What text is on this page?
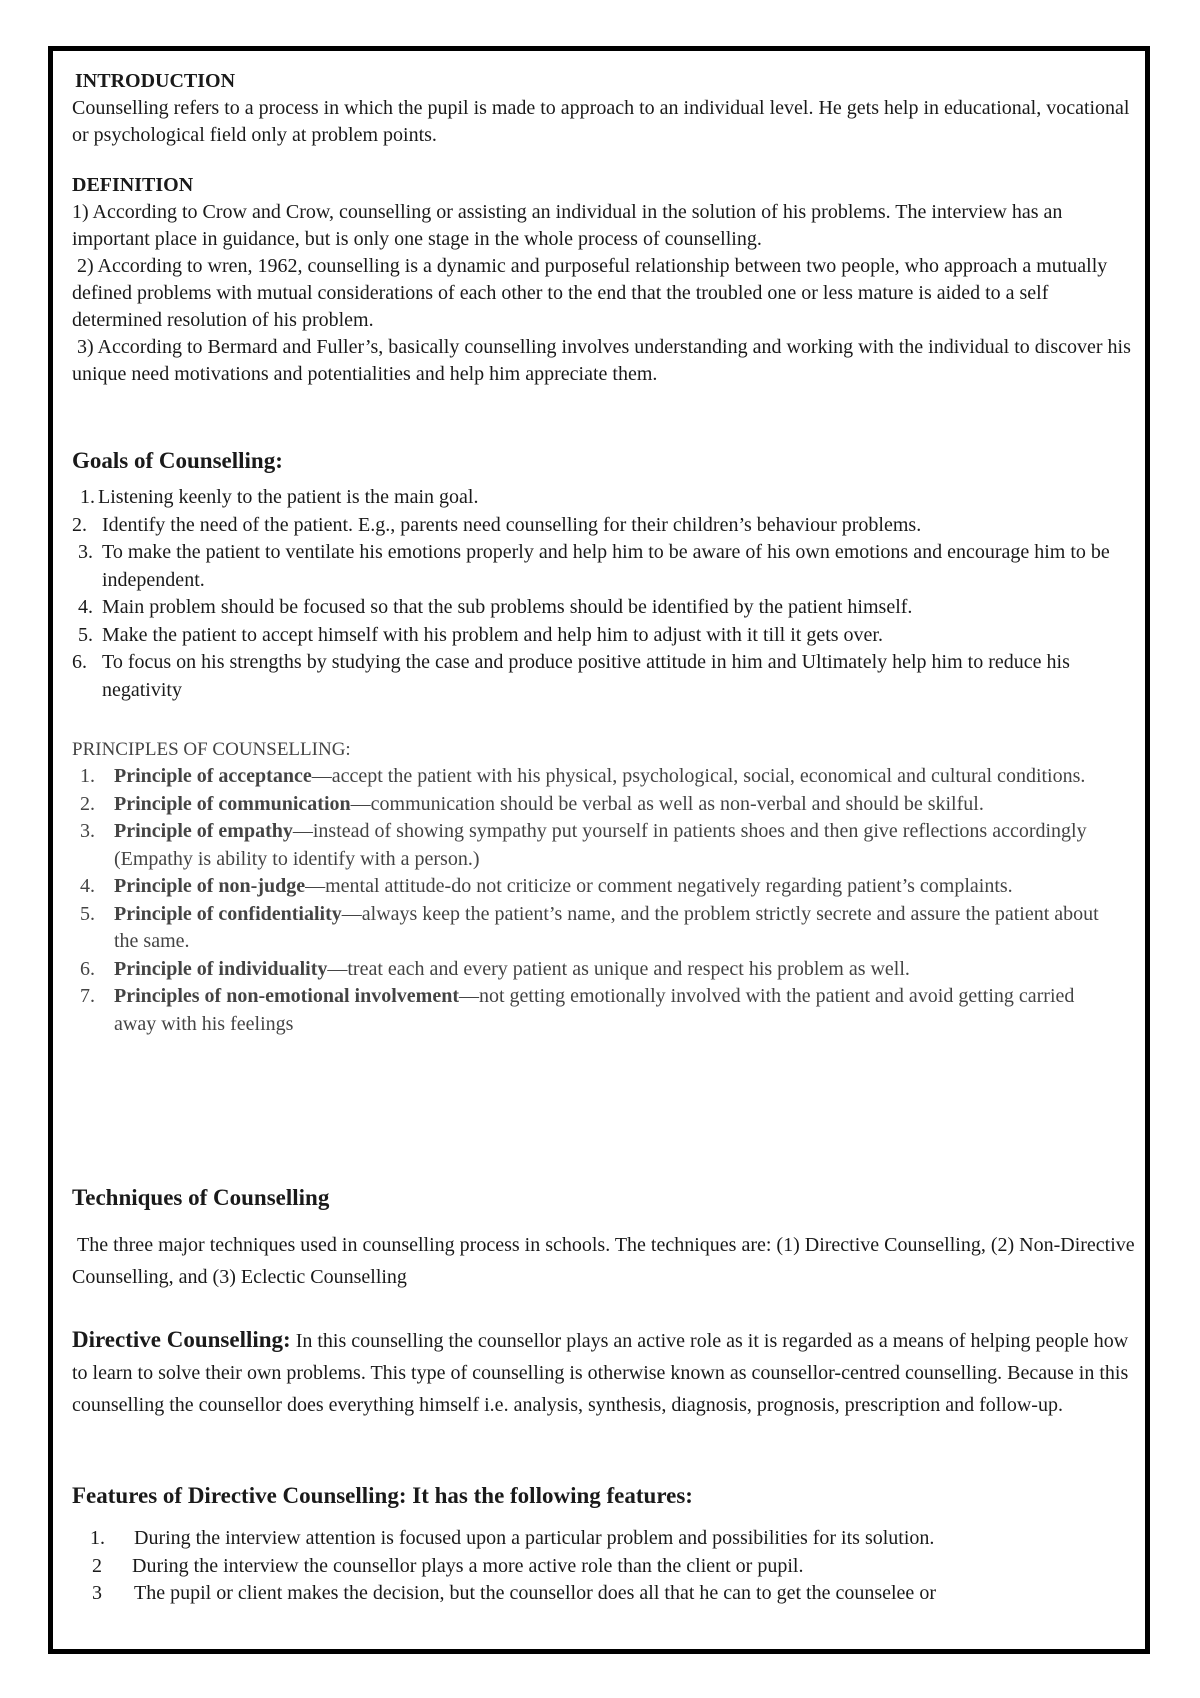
INTRODUCTION

Counselling refers to a process in which the pupil is made to approach to an individual level. He gets help in educational, vocational or psychological field only at problem points.

DEFINITION

1) According to Crow and Crow, counselling or assisting an individual in the solution of his problems. The interview has an important place in guidance, but is only one stage in the whole process of counselling.

2) According to wren, 1962, counselling is a dynamic and purposeful relationship between two people, who approach a mutually defined problems with mutual considerations of each other to the end that the troubled one or less mature is aided to a self determined resolution of his problem.

3) According to Bermard and Fuller’s, basically counselling involves understanding and working with the individual to discover his unique need motivations and potentialities and help him appreciate them.

Goals of Counselling:
1. Listening keenly to the patient is the main goal.
2. Identify the need of the patient. E.g., parents need counselling for their children’s behaviour problems.
3. To make the patient to ventilate his emotions properly and help him to be aware of his own emotions and encourage him to be independent.
4. Main problem should be focused so that the sub problems should be identified by the patient himself.
5. Make the patient to accept himself with his problem and help him to adjust with it till it gets over.
6. To focus on his strengths by studying the case and produce positive attitude in him and Ultimately help him to reduce his negativity
PRINCIPLES OF COUNSELLING:
1. Principle of acceptance—accept the patient with his physical, psychological, social, economical and cultural conditions.
2. Principle of communication—communication should be verbal as well as non-verbal and should be skilful.
3. Principle of empathy—instead of showing sympathy put yourself in patients shoes and then give reflections accordingly (Empathy is ability to identify with a person.)
4. Principle of non-judge—mental attitude-do not criticize or comment negatively regarding patient’s complaints.
5. Principle of confidentiality—always keep the patient’s name, and the problem strictly secrete and assure the patient about the same.
6. Principle of individuality—treat each and every patient as unique and respect his problem as well.
7. Principles of non-emotional involvement—not getting emotionally involved with the patient and avoid getting carried away with his feelings
Techniques of Counselling

The three major techniques used in counselling process in schools. The techniques are: (1) Directive Counselling, (2) Non-Directive Counselling, and (3) Eclectic Counselling

Directive Counselling: In this counselling the counsellor plays an active role as it is regarded as a means of helping people how to learn to solve their own problems. This type of counselling is otherwise known as counsellor-centred counselling. Because in this counselling the counsellor does everything himself i.e. analysis, synthesis, diagnosis, prognosis, prescription and follow-up.

Features of Directive Counselling: It has the following features:
1. During the interview attention is focused upon a particular problem and possibilities for its solution.
2 During the interview the counsellor plays a more active role than the client or pupil.
3 The pupil or client makes the decision, but the counsellor does all that he can to get the counselee or
